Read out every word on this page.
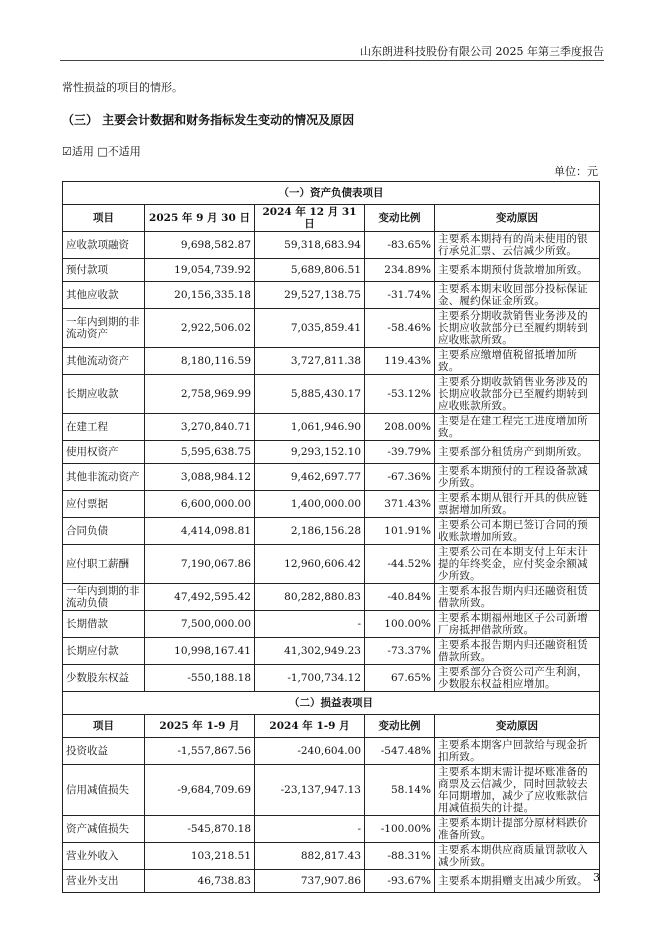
山东朗进科技股份有限公司 2025 年第三季度报告
常性损益的项目的情形。
（三） 主要会计数据和财务指标发生变动的情况及原因
☑适用 □不适用
单位：元
（一）资产负债表项目				
项目	2025 年 9 月 30 日	2024 年 12 月 31 日	变动比例	变动原因
应收款项融资	9,698,582.87	59,318,683.94	-83.65%	主要系本期持有的尚未使用的银行承兑汇票、云信减少所致。
预付款项	19,054,739.92	5,689,806.51	234.89%	主要系本期预付货款增加所致。
其他应收款	20,156,335.18	29,527,138.75	-31.74%	主要系本期末收回部分投标保证金、履约保证金所致。
一年内到期的非流动资产	2,922,506.02	7,035,859.41	-58.46%	主要系分期收款销售业务涉及的长期应收款部分已至履约期转到应收账款所致。
其他流动资产	8,180,116.59	3,727,811.38	119.43%	主要系应缴增值税留抵增加所致。
长期应收款	2,758,969.99	5,885,430.17	-53.12%	主要系分期收款销售业务涉及的长期应收款部分已至履约期转到应收账款所致。
在建工程	3,270,840.71	1,061,946.90	208.00%	主要是在建工程完工进度增加所致。
使用权资产	5,595,638.75	9,293,152.10	-39.79%	主要系部分租赁房产到期所致。
其他非流动资产	3,088,984.12	9,462,697.77	-67.36%	主要系本期预付的工程设备款减少所致。
应付票据	6,600,000.00	1,400,000.00	371.43%	主要系本期从银行开具的供应链票据增加所致。
合同负债	4,414,098.81	2,186,156.28	101.91%	主要系公司本期已签订合同的预收账款增加所致。
应付职工薪酬	7,190,067.86	12,960,606.42	-44.52%	主要系公司在本期支付上年末计提的年终奖金，应付奖金余额减少所致。
一年内到期的非流动负债	47,492,595.42	80,282,880.83	-40.84%	主要系本报告期内归还融资租赁借款所致。
长期借款	7,500,000.00	-	100.00%	主要系本期福州地区子公司新增厂房抵押借款所致。
长期应付款	10,998,167.41	41,302,949.23	-73.37%	主要系本报告期内归还融资租赁借款所致。
少数股东权益	-550,188.18	-1,700,734.12	67.65%	主要系部分合资公司产生利润，少数股东权益相应增加。
（二）损益表项目				
项目	2025 年 1-9 月	2024 年 1-9 月	变动比例	变动原因
投资收益	-1,557,867.56	-240,604.00	-547.48%	主要系本期客户回款给与现金折扣所致。
信用减值损失	-9,684,709.69	-23,137,947.13	58.14%	主要系本期末需计提坏账准备的商票及云信减少，同时回款较去年同期增加，减少了应收账款信用减值损失的计提。
资产减值损失	-545,870.18	-	-100.00%	主要系本期计提部分原材料跌价准备所致。
营业外收入	103,218.51	882,817.43	-88.31%	主要系本期供应商质量罚款收入减少所致。
营业外支出	46,738.83	737,907.86	-93.67%	主要系本期捐赠支出减少所致。 3
